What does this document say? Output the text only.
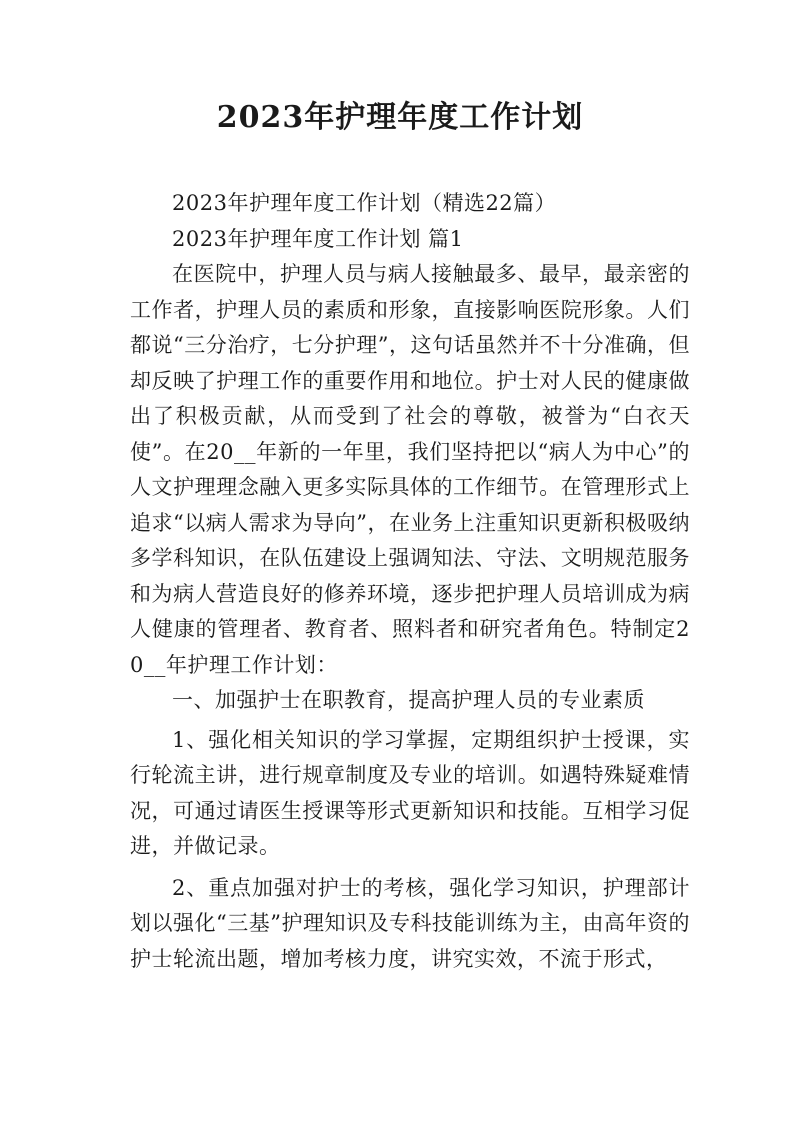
2023年护理年度工作计划

2023年护理年度工作计划（精选22篇）

2023年护理年度工作计划 篇1

在医院中，护理人员与病人接触最多、最早，最亲密的工作者，护理人员的素质和形象，直接影响医院形象。人们都说“三分治疗，七分护理”，这句话虽然并不十分准确，但却反映了护理工作的重要作用和地位。护士对人民的健康做出了积极贡献，从而受到了社会的尊敬，被誉为“白衣天使”。在20__年新的一年里，我们坚持把以“病人为中心”的人文护理理念融入更多实际具体的工作细节。在管理形式上追求“以病人需求为导向”，在业务上注重知识更新积极吸纳多学科知识，在队伍建设上强调知法、守法、文明规范服务和为病人营造良好的修养环境，逐步把护理人员培训成为病人健康的管理者、教育者、照料者和研究者角色。特制定20__年护理工作计划：

一、加强护士在职教育，提高护理人员的专业素质

1、强化相关知识的学习掌握，定期组织护士授课，实行轮流主讲，进行规章制度及专业的培训。如遇特殊疑难情况，可通过请医生授课等形式更新知识和技能。互相学习促进，并做记录。

2、重点加强对护士的考核，强化学习知识，护理部计划以强化“三基”护理知识及专科技能训练为主，由高年资的护士轮流出题，增加考核力度，讲究实效，不流于形式，
